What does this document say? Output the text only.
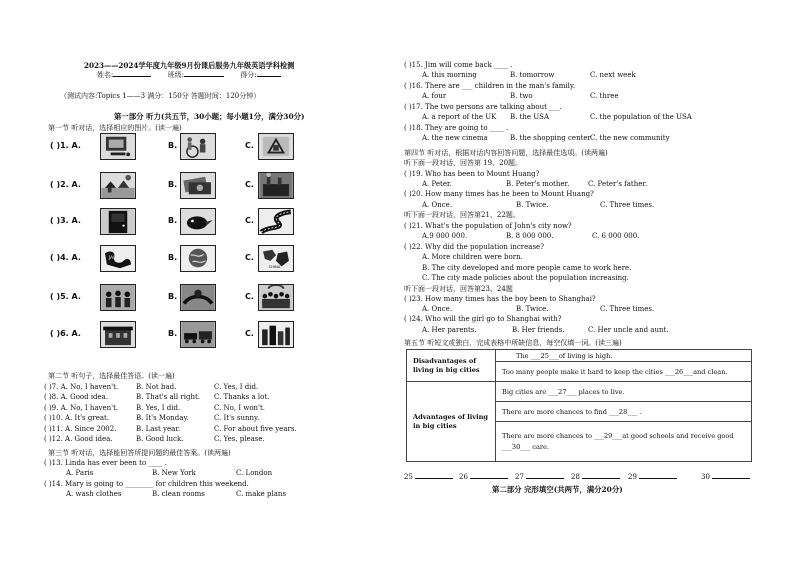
2023——2024学年度九年级9月份课后服务九年级英语学科检测
姓名:	班级:	得分:
（测试内容:Topics 1——3 满分：150分 答题时间：120分钟）
第一部分 听力(共五节，30小题；每小题1分，满分30分)
第一节 听对话，选择相应的图片。(读一遍)
( )1. A.	B.	C.
( )2. A.	B.	C.
( )3. A.	B.	C.
( )4. A.	JAPAN	B.	C.
CHINA
( )5. A.	B.	C.
( )6. A.	B.	C.
第二节 听句子，选择最佳答语。(读一遍)
( )7. A. No, I haven't.	B. Not bad.	C. Yes, I did.
( )8. A. Good idea.	B. That's all right. C. Thanks a lot.
( )9. A. No, I haven't.	B. Yes, I did.	C. No, I won't.
( )10. A. It's great.	B. It's Monday.	C. It's sunny.
( )11. A. Since 2002.	B. Last year.	C. For about five years.
( )12. A. Good idea.	B. Good luck.	C. Yes, please.
第三节 听对话，选择能回答所提问题的最佳答案。(读两遍)
( )13. Linda has ever been to ____ .
A. Paris	B. New York	C. London
( )14. Mary is going to ________ for children this weekend.
A. wash clothes	B. clean rooms	C. make plans
( )15. Jim will come back ____ .
A. this morning	B. tomorrow	C. next week
( )16. There are ___ children in the man's family.
A. four	B. two	C. three
( )17. The two persons are talking about ___.
A. a report of the UK B. the USA	C. the population of the USA
( )18. They are going to ____ .
A. the new cinema	B. the shopping center C. the new community
第四节 听对话，根据对话内容回答问题，选择最佳选项。(读两遍)
听下面一段对话，回答第 19、20题。
( )19. Who has been to Mount Huang?
A. Peter.	B. Peter's mother.	C. Peter's father.
( )20. How many times has he been to Mount Huang?
A. Once.	B. Twice.	C. Three times.
听下面一段对话，回答第21、22题。
( )21. What's the population of John's city now?
A.9 000 000.	B. 8 000 000.	C. 6 000 000.
( )22. Why did the population increase?
A. More children were born.
B. The city developed and more people came to work here.
C. The city made policies about the population increasing.
听下面一段对话，回答第23、24题
( )23. How many times has the boy been to Shanghai?
A. Once.	B. Twice.	C. Three times.
( )24. Who will the girl go to Shanghai with?
A. Her parents.	B. Her friends.	C. Her uncle and aunt.
第五节 听短文或独白，完成表格中所缺信息，每空仅填一词。(读三遍)
Disadvantages of living in big cities	The ___25___of living is high.
	Too many people make it hard to keep the cities ___26___and clean.
Advantages of living in big cities	Big cities are ___27___ places to live.
	There are more chances to find ___28___ .
	There are more chances to ___29___at good schools and receive good ___30___ care.
25	26	27	28	29	30
第二部分 完形填空(共两节，满分20分)
